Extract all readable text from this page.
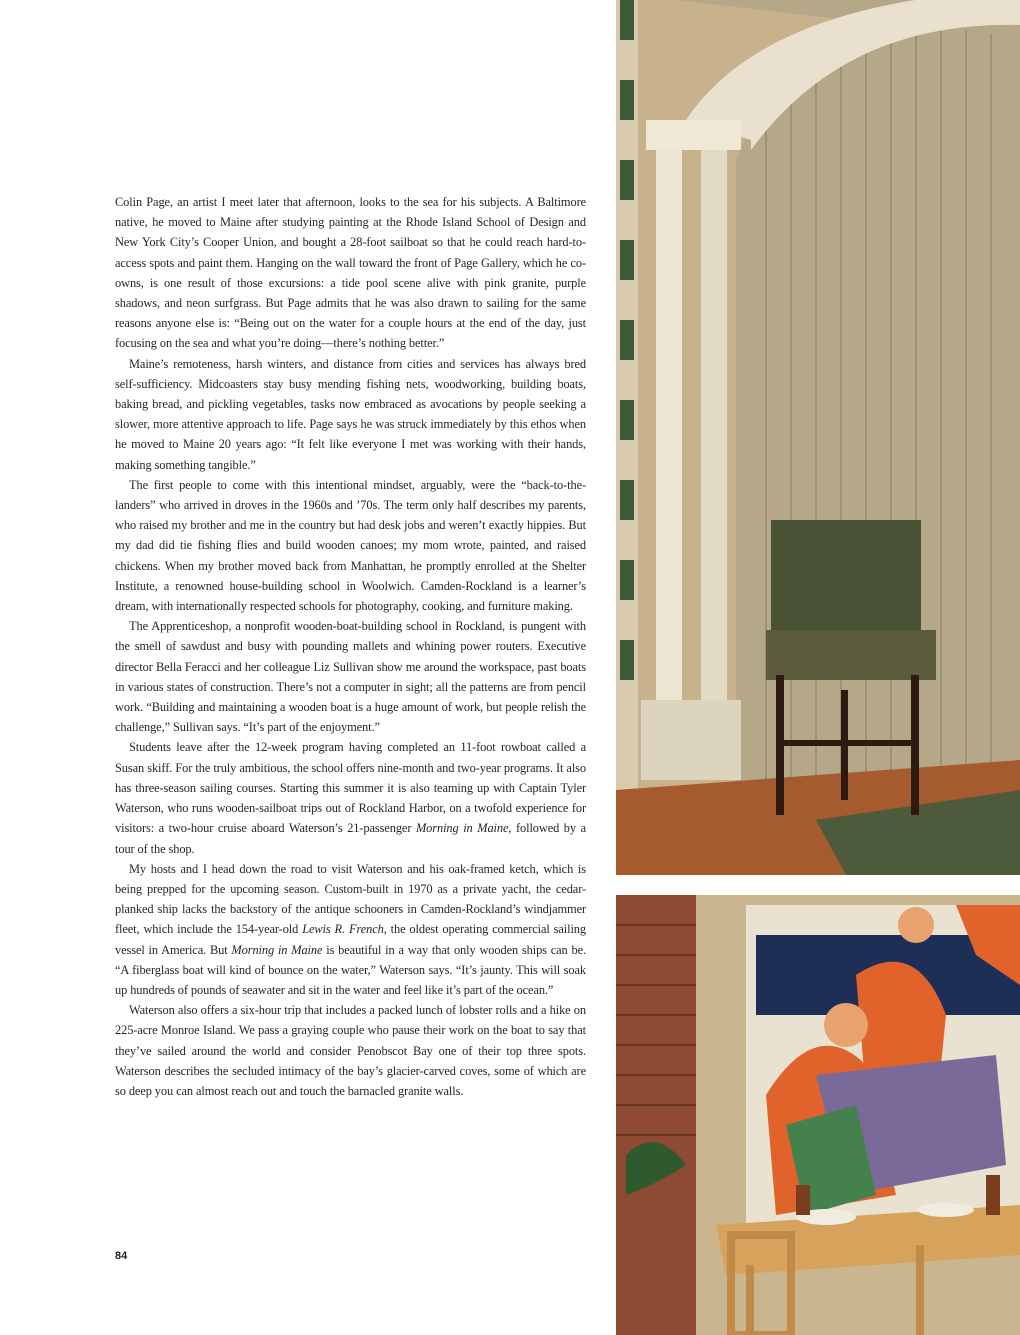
Colin Page, an artist I meet later that afternoon, looks to the sea for his subjects. A Baltimore native, he moved to Maine after studying painting at the Rhode Island School of Design and New York City’s Cooper Union, and bought a 28-foot sailboat so that he could reach hard-to-access spots and paint them. Hanging on the wall toward the front of Page Gallery, which he co-owns, is one result of those excursions: a tide pool scene alive with pink granite, purple shadows, and neon surfgrass. But Page admits that he was also drawn to sailing for the same reasons anyone else is: “Being out on the water for a couple hours at the end of the day, just focusing on the sea and what you’re doing—there’s nothing better.”

Maine’s remoteness, harsh winters, and distance from cities and services has always bred self-sufficiency. Midcoasters stay busy mending fishing nets, woodworking, building boats, baking bread, and pickling vegetables, tasks now embraced as avocations by people seeking a slower, more attentive approach to life. Page says he was struck immediately by this ethos when he moved to Maine 20 years ago: “It felt like everyone I met was working with their hands, making something tangible.”

The first people to come with this intentional mindset, arguably, were the “back-to-the-landers” who arrived in droves in the 1960s and ’70s. The term only half describes my parents, who raised my brother and me in the country but had desk jobs and weren’t exactly hippies. But my dad did tie fishing flies and build wooden canoes; my mom wrote, painted, and raised chickens. When my brother moved back from Manhattan, he promptly enrolled at the Shelter Institute, a renowned house-building school in Woolwich. Camden-Rockland is a learner’s dream, with internationally respected schools for photography, cooking, and furniture making.

The Apprenticeshop, a nonprofit wooden-boat-building school in Rockland, is pungent with the smell of sawdust and busy with pounding mallets and whining power routers. Executive director Bella Feracci and her colleague Liz Sullivan show me around the workspace, past boats in various states of construction. There’s not a computer in sight; all the patterns are from pencil work. “Building and maintaining a wooden boat is a huge amount of work, but people relish the challenge,” Sullivan says. “It’s part of the enjoyment.”

Students leave after the 12-week program having completed an 11-foot rowboat called a Susan skiff. For the truly ambitious, the school offers nine-month and two-year programs. It also has three-season sailing courses. Starting this summer it is also teaming up with Captain Tyler Waterson, who runs wooden-sailboat trips out of Rockland Harbor, on a twofold experience for visitors: a two-hour cruise aboard Waterson’s 21-passenger Morning in Maine, followed by a tour of the shop.

My hosts and I head down the road to visit Waterson and his oak-framed ketch, which is being prepped for the upcoming season. Custom-built in 1970 as a private yacht, the cedar-planked ship lacks the backstory of the antique schooners in Camden-Rockland’s windjammer fleet, which include the 154-year-old Lewis R. French, the oldest operating commercial sailing vessel in America. But Morning in Maine is beautiful in a way that only wooden ships can be. “A fiberglass boat will kind of bounce on the water,” Waterson says. “It’s jaunty. This will soak up hundreds of pounds of seawater and sit in the water and feel like it’s part of the ocean.”

Waterson also offers a six-hour trip that includes a packed lunch of lobster rolls and a hike on 225-acre Monroe Island. We pass a graying couple who pause their work on the boat to say that they’ve sailed around the world and consider Penobscot Bay one of their top three spots. Waterson describes the secluded intimacy of the bay’s glacier-carved coves, some of which are so deep you can almost reach out and touch the barnacled granite walls.

84
